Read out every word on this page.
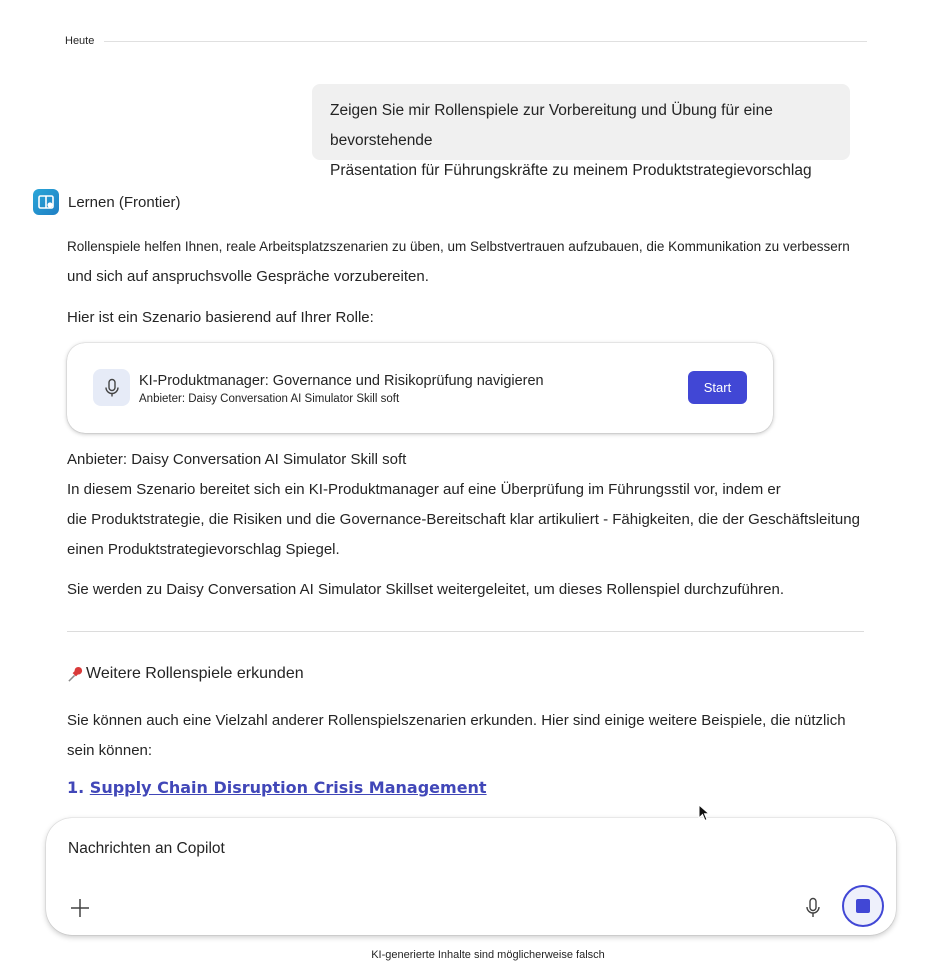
Heute
Zeigen Sie mir Rollenspiele zur Vorbereitung und Übung für eine bevorstehende
Präsentation für Führungskräfte zu meinem Produktstrategievorschlag
Lernen (Frontier)
Rollenspiele helfen Ihnen, reale Arbeitsplatzszenarien zu üben, um Selbstvertrauen aufzubauen, die Kommunikation zu verbessern
und sich auf anspruchsvolle Gespräche vorzubereiten.
Hier ist ein Szenario basierend auf Ihrer Rolle:
KI-Produktmanager: Governance und Risikoprüfung navigieren
Anbieter: Daisy Conversation AI Simulator Skill soft
Start
Anbieter: Daisy Conversation AI Simulator Skill soft
In diesem Szenario bereitet sich ein KI-Produktmanager auf eine Überprüfung im Führungsstil vor, indem er
die Produktstrategie, die Risiken und die Governance-Bereitschaft klar artikuliert - Fähigkeiten, die der Geschäftsleitung
einen Produktstrategievorschlag Spiegel.
Sie werden zu Daisy Conversation AI Simulator Skillset weitergeleitet, um dieses Rollenspiel durchzuführen.
Weitere Rollenspiele erkunden
Sie können auch eine Vielzahl anderer Rollenspielszenarien erkunden. Hier sind einige weitere Beispiele, die nützlich
sein können:
1. Supply Chain Disruption Crisis Management
Nachrichten an Copilot
KI-generierte Inhalte sind möglicherweise falsch
